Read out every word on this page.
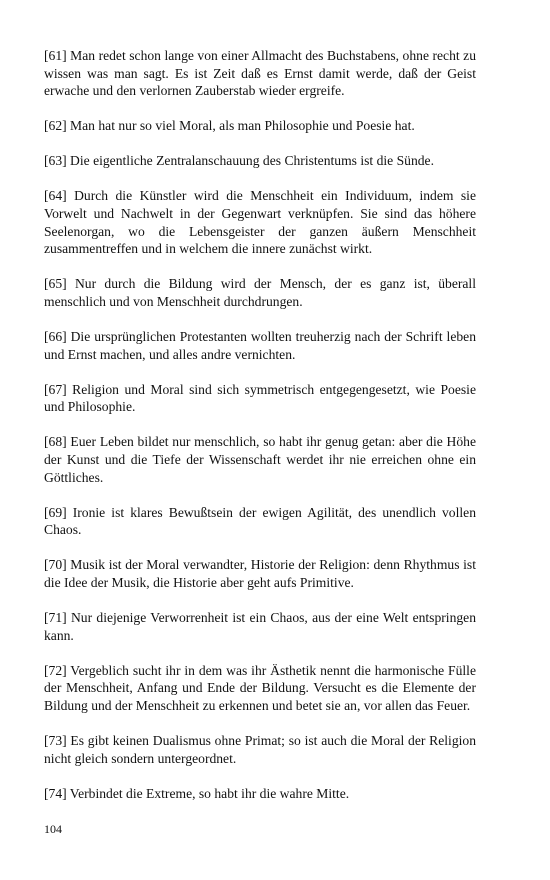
[61] Man redet schon lange von einer Allmacht des Buchstabens, ohne recht zu wissen was man sagt. Es ist Zeit daß es Ernst damit werde, daß der Geist erwache und den verlornen Zauberstab wieder ergreife.

[62] Man hat nur so viel Moral, als man Philosophie und Poesie hat.

[63] Die eigentliche Zentralanschauung des Christentums ist die Sünde.

[64] Durch die Künstler wird die Menschheit ein Individuum, indem sie Vorwelt und Nachwelt in der Gegenwart verknüpfen. Sie sind das höhere Seelenorgan, wo die Lebensgeister der ganzen äußern Menschheit zusammentreffen und in welchem die innere zunächst wirkt.

[65] Nur durch die Bildung wird der Mensch, der es ganz ist, überall menschlich und von Menschheit durchdrungen.

[66] Die ursprünglichen Protestanten wollten treuherzig nach der Schrift leben und Ernst machen, und alles andre vernichten.

[67] Religion und Moral sind sich symmetrisch entgegengesetzt, wie Poesie und Philosophie.

[68] Euer Leben bildet nur menschlich, so habt ihr genug getan: aber die Höhe der Kunst und die Tiefe der Wissenschaft werdet ihr nie erreichen ohne ein Göttliches.

[69] Ironie ist klares Bewußtsein der ewigen Agilität, des unendlich vollen Chaos.

[70] Musik ist der Moral verwandter, Historie der Religion: denn Rhythmus ist die Idee der Musik, die Historie aber geht aufs Primitive.

[71] Nur diejenige Verworrenheit ist ein Chaos, aus der eine Welt entspringen kann.

[72] Vergeblich sucht ihr in dem was ihr Ästhetik nennt die harmonische Fülle der Menschheit, Anfang und Ende der Bildung. Versucht es die Elemente der Bildung und der Menschheit zu erkennen und betet sie an, vor allen das Feuer.

[73] Es gibt keinen Dualismus ohne Primat; so ist auch die Moral der Religion nicht gleich sondern untergeordnet.

[74] Verbindet die Extreme, so habt ihr die wahre Mitte.

104
